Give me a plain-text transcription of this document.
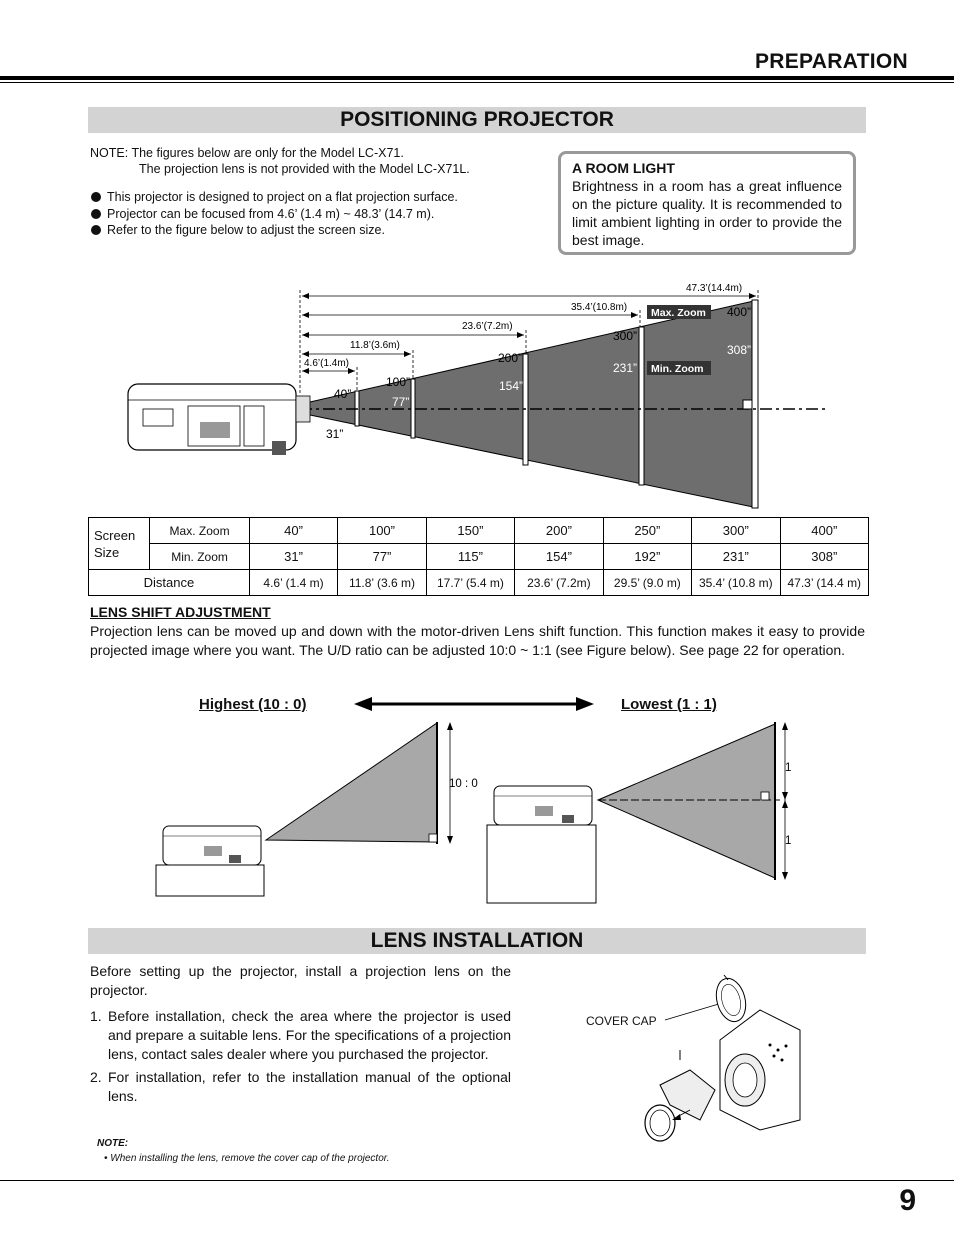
PREPARATION
POSITIONING PROJECTOR
NOTE: The figures below are only for the Model LC-X71.
The projection lens is not provided with the Model LC-X71L.
This projector is designed to project on a flat projection surface.
Projector can be focused from 4.6’ (1.4 m) ~ 48.3’ (14.7 m).
Refer to the figure below to adjust the screen size.
A ROOM LIGHT

Brightness in a room has a great influence on the picture quality. It is recommended to limit ambient lighting in order to provide the best image.

47.3’(14.4m)
35.4’(10.8m)
23.6’(7.2m)
11.8’(3.6m)
4.6’(1.4m)
40”
100”
200”
300”
400”
31”
77”
154”
231”
308”
Max. Zoom
Min. Zoom
Screen Size	Max. Zoom	40”	100”	150”	200”	250”	300”	400”
	Min. Zoom	31”	77”	115”	154”	192”	231”	308”
Distance		4.6’ (1.4 m)	11.8’ (3.6 m)	17.7’ (5.4 m)	23.6’ (7.2m)	29.5’ (9.0 m)	35.4’ (10.8 m)	47.3’ (14.4 m)
LENS SHIFT ADJUSTMENT
Projection lens can be moved up and down with the motor-driven Lens shift function. This function makes it easy to provide projected image where you want. The U/D ratio can be adjusted 10:0 ~ 1:1 (see Figure below). See page 22 for operation.
Highest (10 : 0)	Lowest (1 : 1)
10 : 0
1
1
LENS INSTALLATION
Before setting up the projector, install a projection lens on the projector.
1. Before installation, check the area where the projector is used and prepare a suitable lens. For the specifications of a projection lens, contact sales dealer where you purchased the projector.
2. For installation, refer to the installation manual of the optional lens.
NOTE:
• When installing the lens, remove the cover cap of the projector.
COVER CAP
9
